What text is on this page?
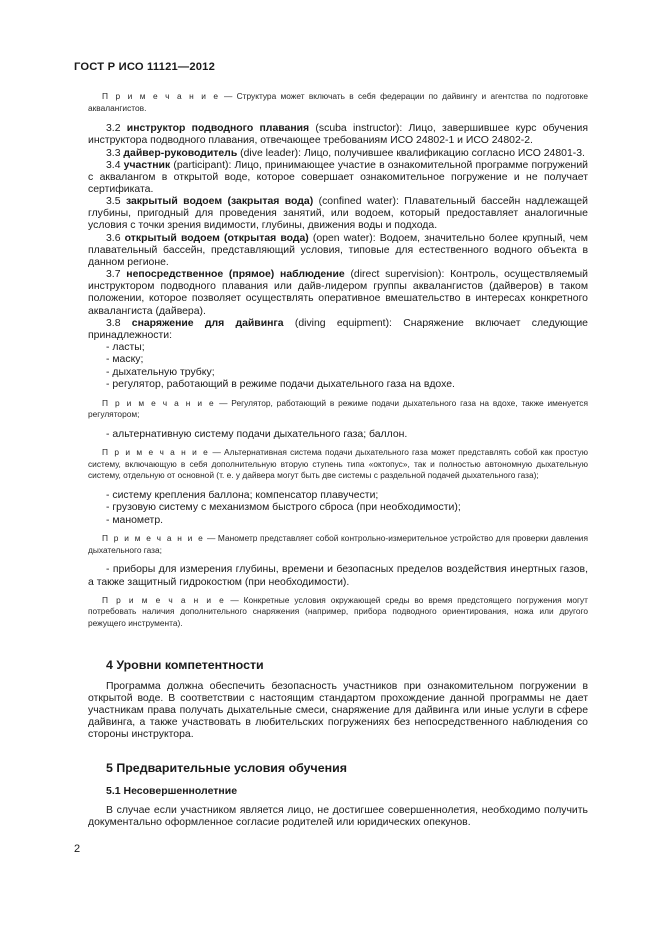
ГОСТ Р ИСО 11121—2012

П р и м е ч а н и е — Структура может включать в себя федерации по дайвингу и агентства по подготовке аквалангистов.

3.2 инструктор подводного плавания (scuba instructor): Лицо, завершившее курс обучения инструктора подводного плавания, отвечающее требованиям ИСО 24802-1 и ИСО 24802-2.

3.3 дайвер-руководитель (dive leader): Лицо, получившее квалификацию согласно ИСО 24801-3.

3.4 участник (participant): Лицо, принимающее участие в ознакомительной программе погружений с аквалангом в открытой воде, которое совершает ознакомительное погружение и не получает сертификата.

3.5 закрытый водоем (закрытая вода) (confined water): Плавательный бассейн надлежащей глубины, пригодный для проведения занятий, или водоем, который предоставляет аналогичные условия с точки зрения видимости, глубины, движения воды и подхода.

3.6 открытый водоем (открытая вода) (open water): Водоем, значительно более крупный, чем плавательный бассейн, представляющий условия, типовые для естественного водного объекта в данном регионе.

3.7 непосредственное (прямое) наблюдение (direct supervision): Контроль, осуществляемый инструктором подводного плавания или дайв-лидером группы аквалангистов (дайверов) в таком положении, которое позволяет осуществлять оперативное вмешательство в интересах конкретного аквалангиста (дайвера).

3.8 снаряжение для дайвинга (diving equipment): Снаряжение включает следующие принадлежности:

- ласты;

- маску;

- дыхательную трубку;

- регулятор, работающий в режиме подачи дыхательного газа на вдохе.

П р и м е ч а н и е — Регулятор, работающий в режиме подачи дыхательного газа на вдохе, также именуется регулятором;

- альтернативную систему подачи дыхательного газа; баллон.

П р и м е ч а н и е — Альтернативная система подачи дыхательного газа может представлять собой как простую систему, включающую в себя дополнительную вторую ступень типа «октопус», так и полностью автономную дыхательную систему, отдельную от основной (т. е. у дайвера могут быть две системы с раздельной подачей дыхательного газа);

- систему крепления баллона; компенсатор плавучести;

- грузовую систему с механизмом быстрого сброса (при необходимости);

- манометр.

П р и м е ч а н и е — Манометр представляет собой контрольно-измерительное устройство для проверки давления дыхательного газа;

- приборы для измерения глубины, времени и безопасных пределов воздействия инертных газов, а также защитный гидрокостюм (при необходимости).

П р и м е ч а н и е — Конкретные условия окружающей среды во время предстоящего погружения могут потребовать наличия дополнительного снаряжения (например, прибора подводного ориентирования, ножа или другого режущего инструмента).

4 Уровни компетентности

Программа должна обеспечить безопасность участников при ознакомительном погружении в открытой воде. В соответствии с настоящим стандартом прохождение данной программы не дает участникам права получать дыхательные смеси, снаряжение для дайвинга или иные услуги в сфере дайвинга, а также участвовать в любительских погружениях без непосредственного наблюдения со стороны инструктора.

5 Предварительные условия обучения
5.1 Несовершеннолетние

В случае если участником является лицо, не достигшее совершеннолетия, необходимо получить документально оформленное согласие родителей или юридических опекунов.

2
